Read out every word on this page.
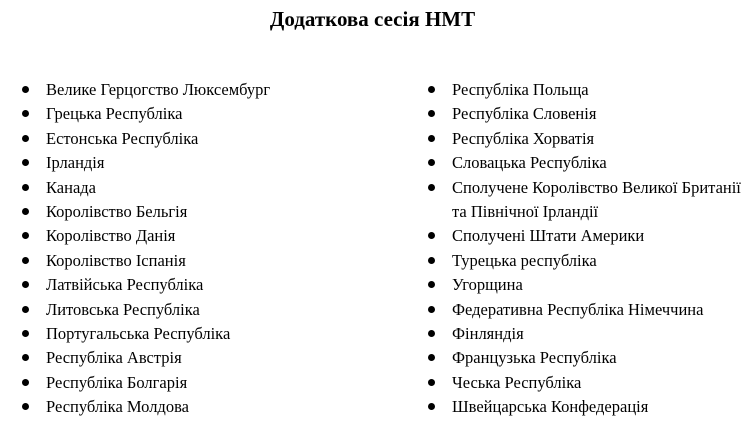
Додаткова сесія НМТ
Велике Герцогство Люксембург
Грецька Республіка
Естонська Республіка
Ірландія
Канада
Королівство Бельгія
Королівство Данія
Королівство Іспанія
Латвійська Республіка
Литовська Республіка
Португальська Республіка
Республіка Австрія
Республіка Болгарія
Республіка Молдова
Республіка Польща
Республіка Словенія
Республіка Хорватія
Словацька Республіка
Сполучене Королівство Великої Британії та Північної Ірландії
Сполучені Штати Америки
Турецька республіка
Угорщина
Федеративна Республіка Німеччина
Фінляндія
Французька Республіка
Чеська Республіка
Швейцарська Конфедерація
